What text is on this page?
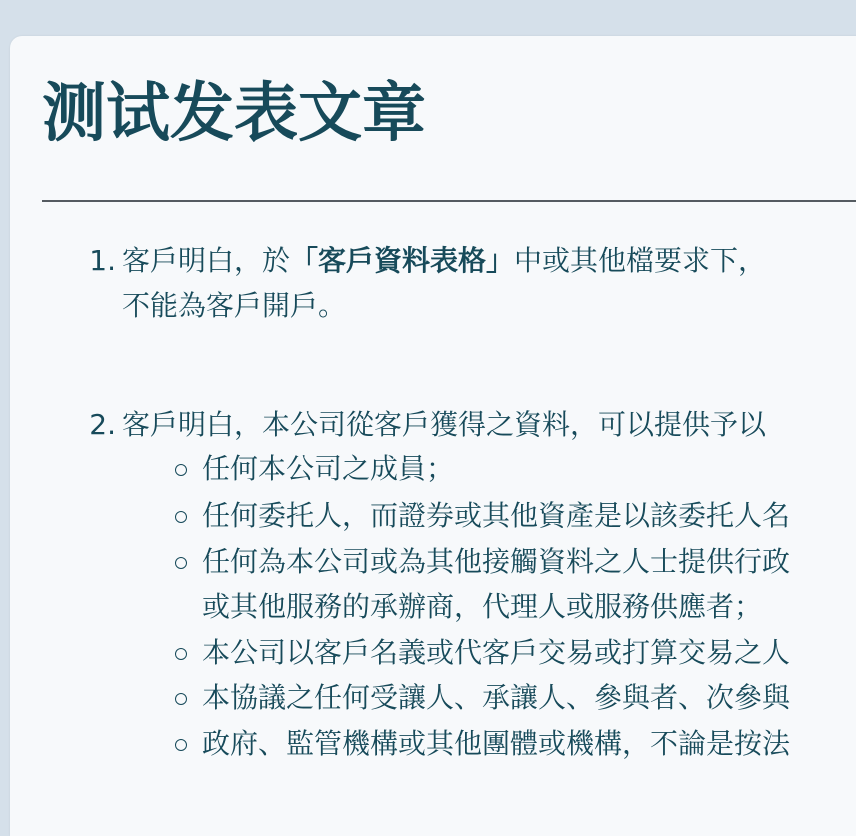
测试发表文章
1. 客戶明白，於「客戶資料表格」中或其他檔要求下，
不能為客戶開戶。
2. 客戶明白，本公司從客戶獲得之資料，可以提供予以
任何本公司之成員；
任何委托人，而證券或其他資產是以該委托人名
任何為本公司或為其他接觸資料之人士提供行政
或其他服務的承辦商，代理人或服務供應者；
本公司以客戶名義或代客戶交易或打算交易之人
本協議之任何受讓人、承讓人、參與者、次參與
政府、監管機構或其他團體或機構，不論是按法
